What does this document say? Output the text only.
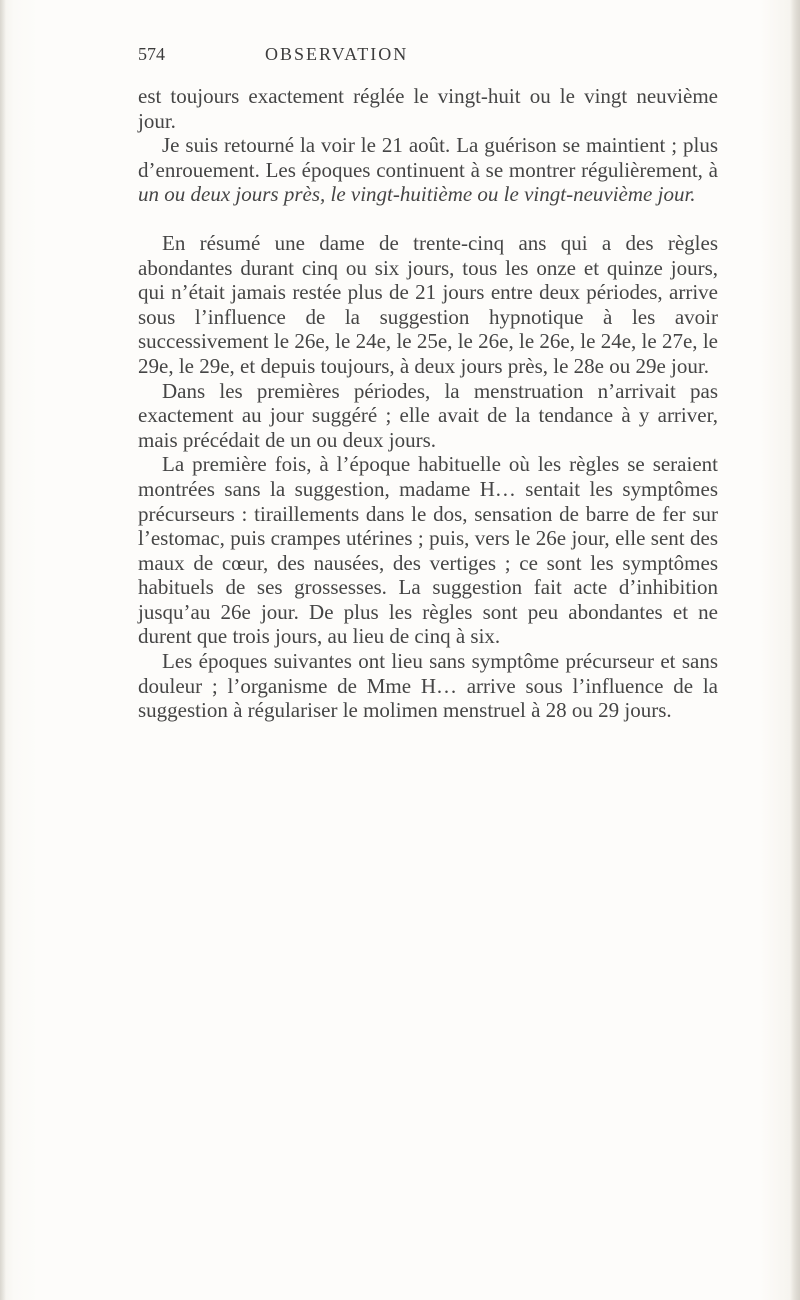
574	OBSERVATION

est toujours exactement réglée le vingt-huit ou le vingt neuvième jour.

Je suis retourné la voir le 21 août. La guérison se maintient ; plus d’enrouement. Les époques continuent à se montrer régulièrement, à un ou deux jours près, le vingt-huitième ou le vingt-neuvième jour.

En résumé une dame de trente-cinq ans qui a des règles abondantes durant cinq ou six jours, tous les onze et quinze jours, qui n’était jamais restée plus de 21 jours entre deux périodes, arrive sous l’influence de la suggestion hypnotique à les avoir successivement le 26e, le 24e, le 25e, le 26e, le 26e, le 24e, le 27e, le 29e, le 29e, et depuis toujours, à deux jours près, le 28e ou 29e jour.

Dans les premières périodes, la menstruation n’arrivait pas exactement au jour suggéré ; elle avait de la tendance à y arriver, mais précédait de un ou deux jours.

La première fois, à l’époque habituelle où les règles se seraient montrées sans la suggestion, madame H… sentait les symptômes précurseurs : tiraillements dans le dos, sensation de barre de fer sur l’estomac, puis crampes utérines ; puis, vers le 26e jour, elle sent des maux de cœur, des nausées, des vertiges ; ce sont les symptômes habituels de ses grossesses. La suggestion fait acte d’inhibition jusqu’au 26e jour. De plus les règles sont peu abondantes et ne durent que trois jours, au lieu de cinq à six.

Les époques suivantes ont lieu sans symptôme précurseur et sans douleur ; l’organisme de Mme H… arrive sous l’influence de la suggestion à régulariser le molimen menstruel à 28 ou 29 jours.
